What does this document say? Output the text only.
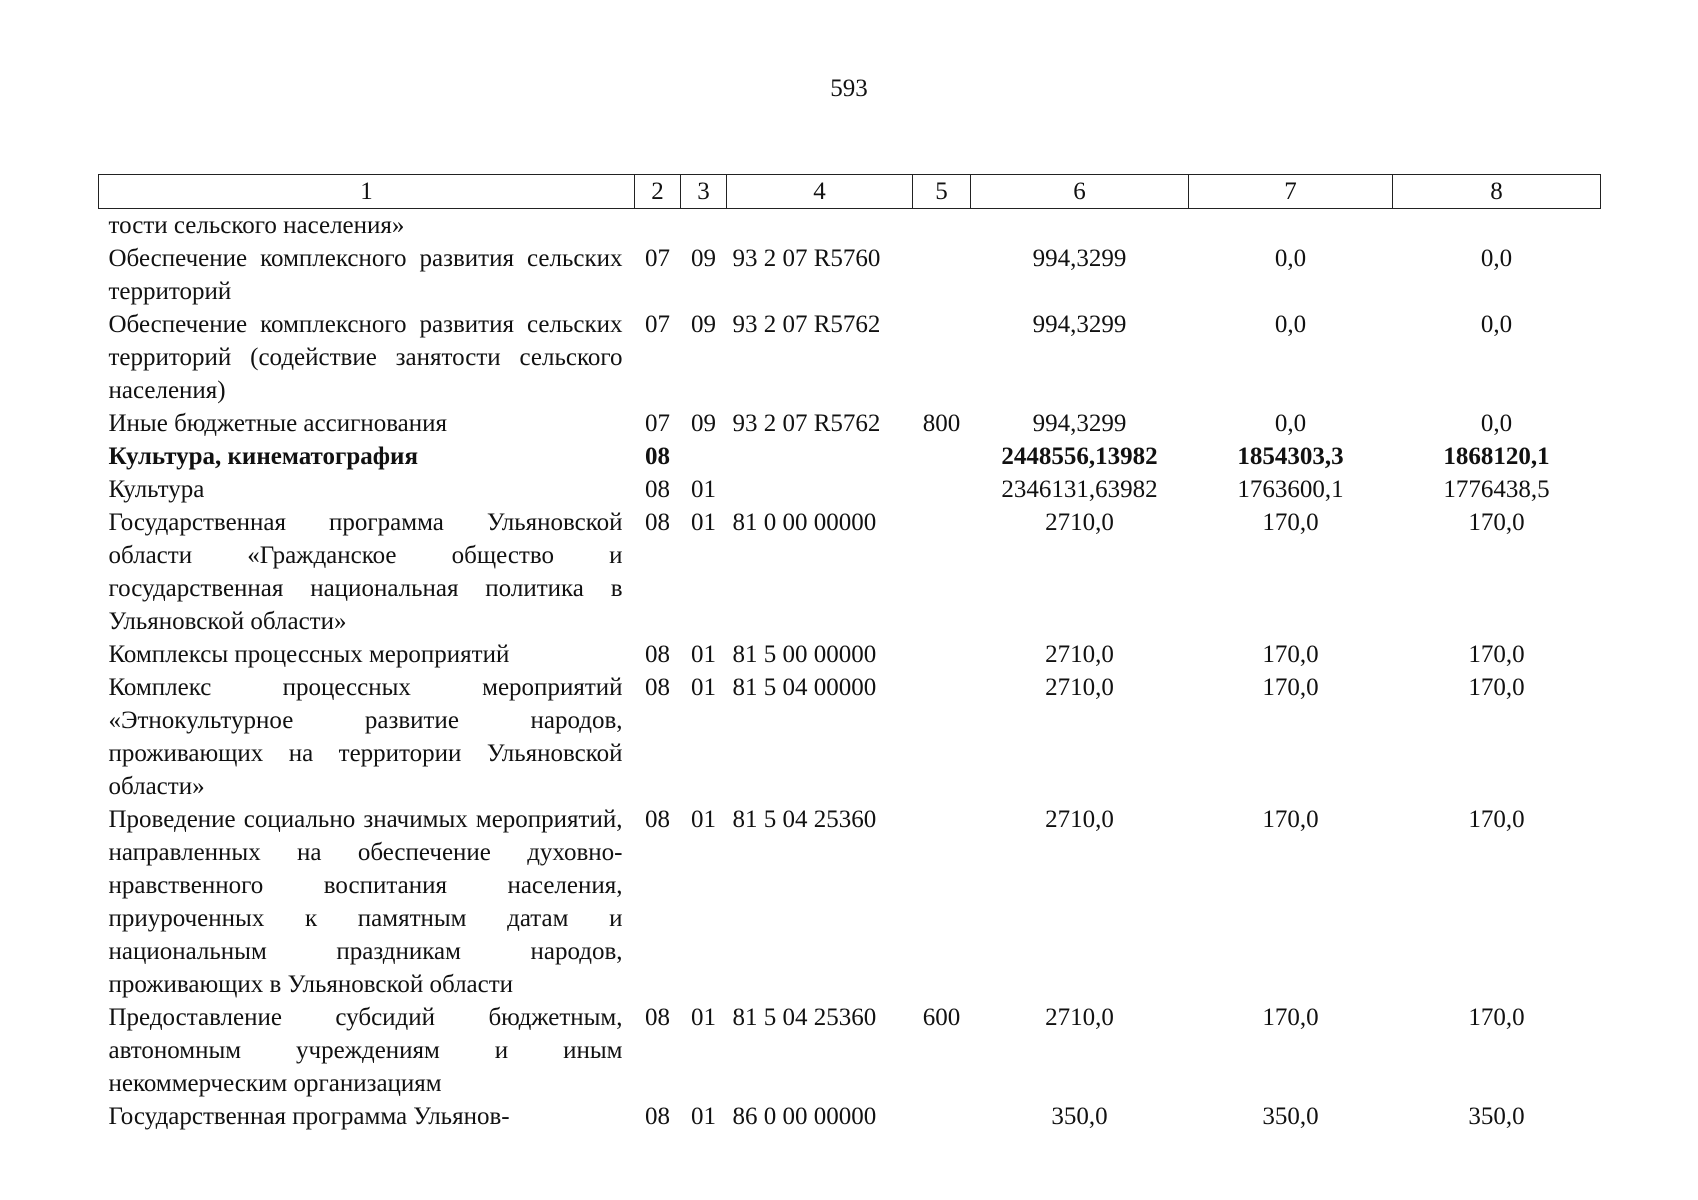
593
1	2	3	4	5	6	7	8
тости сельского населения»							
Обеспечение комплексного развития сельских территорий	07	09	93 2 07 R5760		994,3299	0,0	0,0
Обеспечение комплексного развития сельских территорий (содействие занятости сельского населения)	07	09	93 2 07 R5762		994,3299	0,0	0,0
Иные бюджетные ассигнования	07	09	93 2 07 R5762	800	994,3299	0,0	0,0
Культура, кинематография	08				2448556,13982	1854303,3	1868120,1
Культура	08	01			2346131,63982	1763600,1	1776438,5
Государственная программа Ульяновской области «Гражданское общество и государственная национальная политика в Ульяновской области»	08	01	81 0 00 00000		2710,0	170,0	170,0
Комплексы процессных мероприятий	08	01	81 5 00 00000		2710,0	170,0	170,0
Комплекс процессных мероприятий «Этнокультурное развитие народов, проживающих на территории Ульяновской области»	08	01	81 5 04 00000		2710,0	170,0	170,0
Проведение социально значимых мероприятий, направленных на обеспечение духовно-нравственного воспитания населения, приуроченных к памятным датам и национальным праздникам народов, проживающих в Ульяновской области	08	01	81 5 04 25360		2710,0	170,0	170,0
Предоставление субсидий бюджетным, автономным учреждениям и иным некоммерческим организациям	08	01	81 5 04 25360	600	2710,0	170,0	170,0
Государственная программа Ульянов-	08	01	86 0 00 00000		350,0	350,0	350,0
